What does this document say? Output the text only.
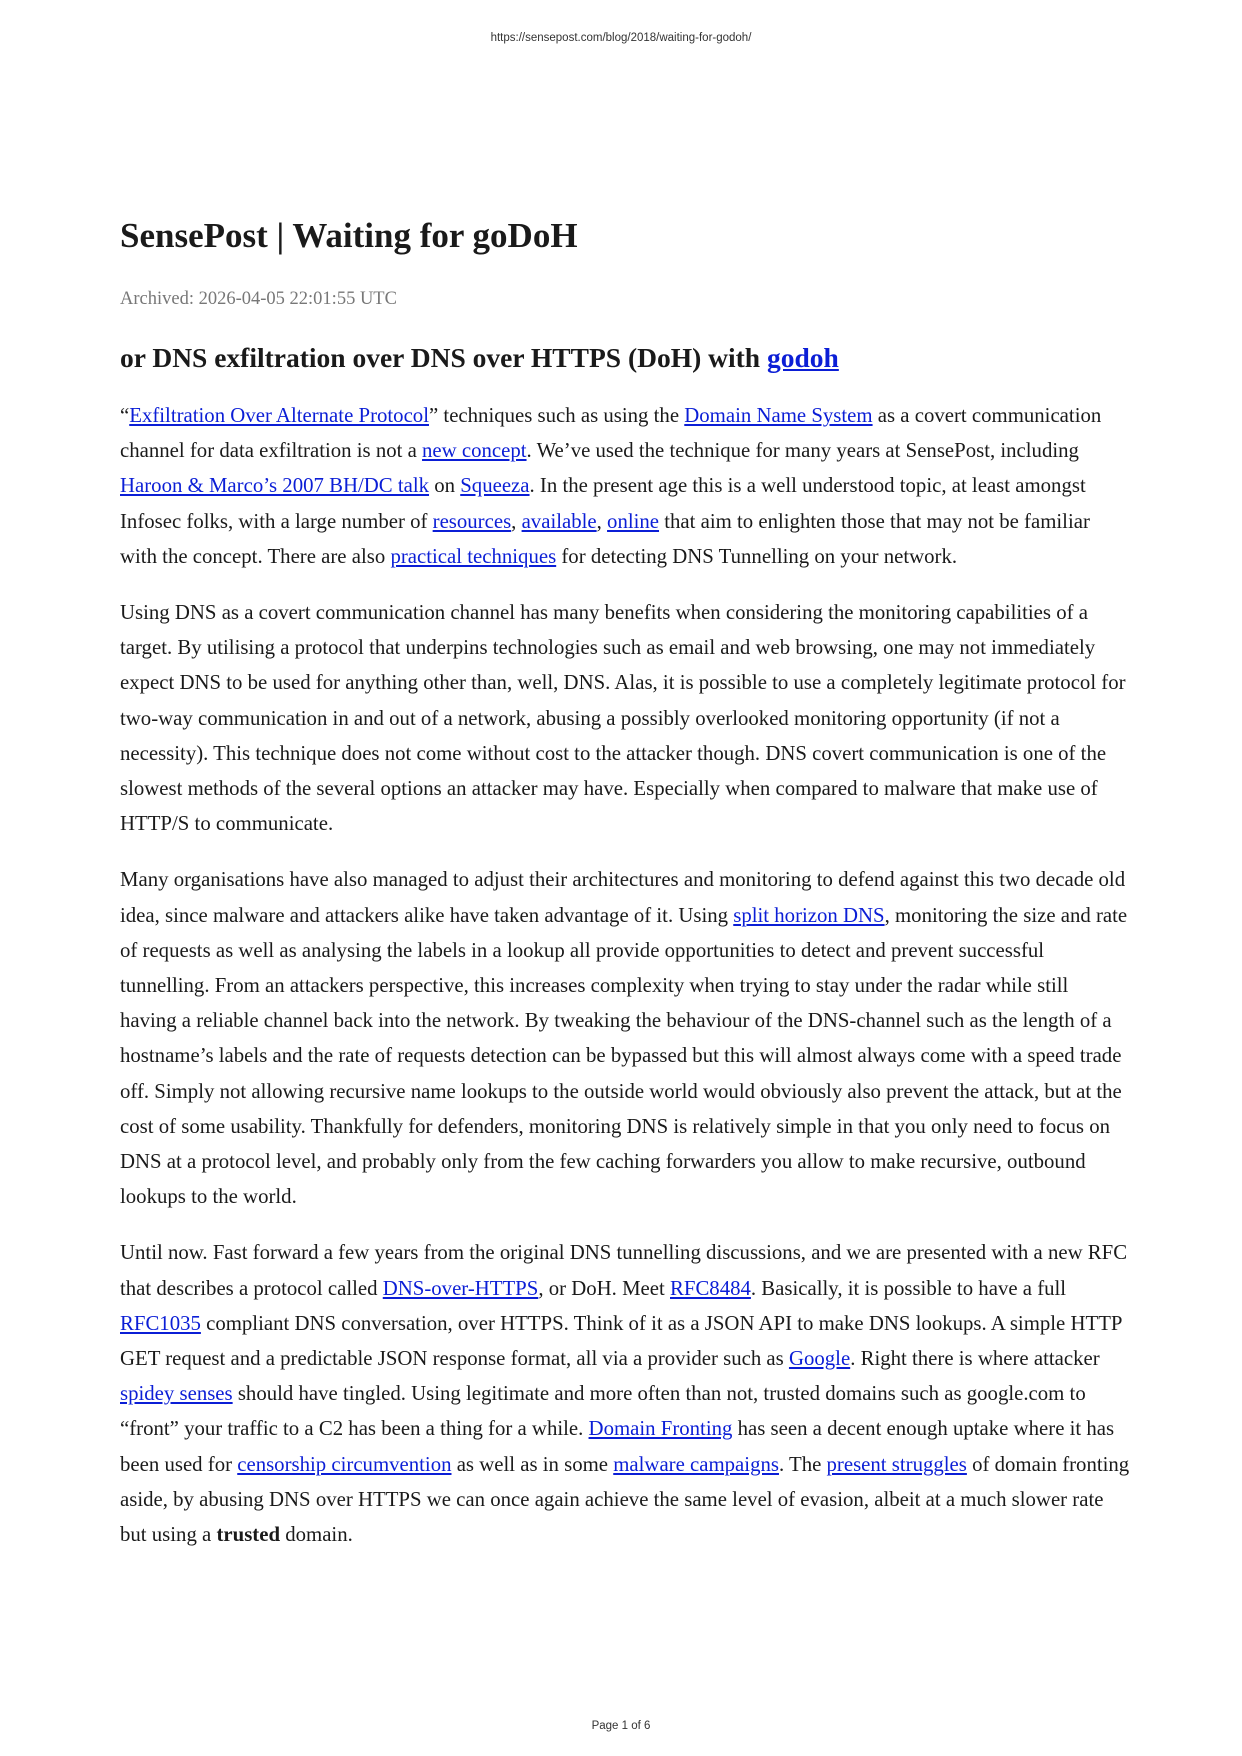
https://sensepost.com/blog/2018/waiting-for-godoh/
SensePost | Waiting for goDoH
Archived: 2026-04-05 22:01:55 UTC
or DNS exfiltration over DNS over HTTPS (DoH) with godoh

“Exfiltration Over Alternate Protocol” techniques such as using the Domain Name System as a covert communication channel for data exfiltration is not a new concept. We’ve used the technique for many years at SensePost, including Haroon & Marco’s 2007 BH/DC talk on Squeeza. In the present age this is a well understood topic, at least amongst Infosec folks, with a large number of resources, available, online that aim to enlighten those that may not be familiar with the concept. There are also practical techniques for detecting DNS Tunnelling on your network.

Using DNS as a covert communication channel has many benefits when considering the monitoring capabilities of a target. By utilising a protocol that underpins technologies such as email and web browsing, one may not immediately expect DNS to be used for anything other than, well, DNS. Alas, it is possible to use a completely legitimate protocol for two-way communication in and out of a network, abusing a possibly overlooked monitoring opportunity (if not a necessity). This technique does not come without cost to the attacker though. DNS covert communication is one of the slowest methods of the several options an attacker may have. Especially when compared to malware that make use of HTTP/S to communicate.

Many organisations have also managed to adjust their architectures and monitoring to defend against this two decade old idea, since malware and attackers alike have taken advantage of it. Using split horizon DNS, monitoring the size and rate of requests as well as analysing the labels in a lookup all provide opportunities to detect and prevent successful tunnelling. From an attackers perspective, this increases complexity when trying to stay under the radar while still having a reliable channel back into the network. By tweaking the behaviour of the DNS-channel such as the length of a hostname’s labels and the rate of requests detection can be bypassed but this will almost always come with a speed trade off. Simply not allowing recursive name lookups to the outside world would obviously also prevent the attack, but at the cost of some usability. Thankfully for defenders, monitoring DNS is relatively simple in that you only need to focus on DNS at a protocol level, and probably only from the few caching forwarders you allow to make recursive, outbound lookups to the world.

Until now. Fast forward a few years from the original DNS tunnelling discussions, and we are presented with a new RFC that describes a protocol called DNS-over-HTTPS, or DoH. Meet RFC8484. Basically, it is possible to have a full RFC1035 compliant DNS conversation, over HTTPS. Think of it as a JSON API to make DNS lookups. A simple HTTP GET request and a predictable JSON response format, all via a provider such as Google. Right there is where attacker spidey senses should have tingled. Using legitimate and more often than not, trusted domains such as google.com to “front” your traffic to a C2 has been a thing for a while. Domain Fronting has seen a decent enough uptake where it has been used for censorship circumvention as well as in some malware campaigns. The present struggles of domain fronting aside, by abusing DNS over HTTPS we can once again achieve the same level of evasion, albeit at a much slower rate but using a trusted domain.

Page 1 of 6
